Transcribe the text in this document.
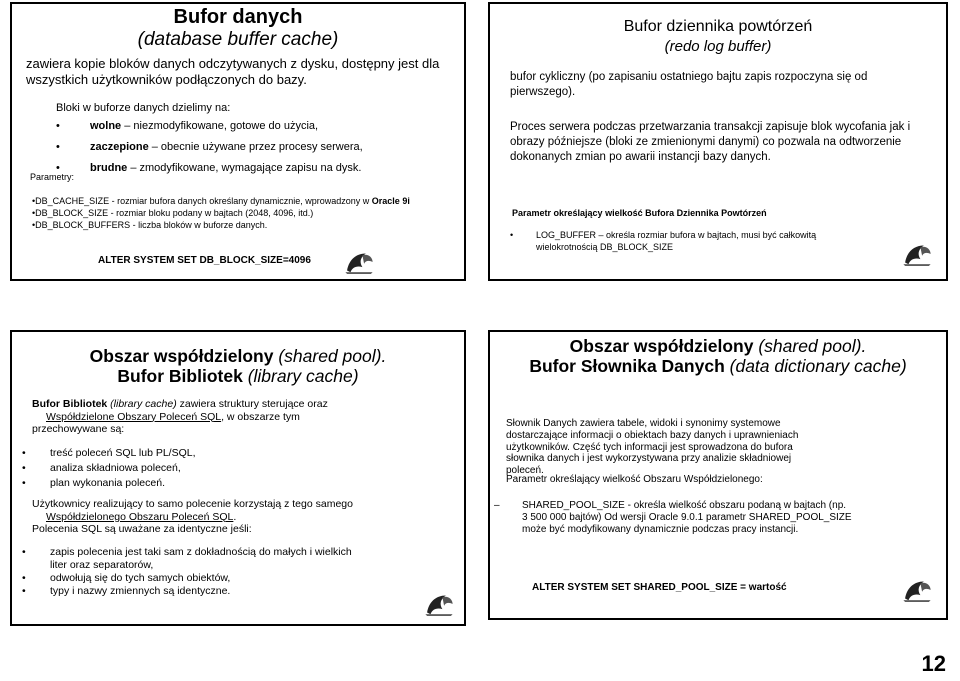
Bufor danych
(database buffer cache)
zawiera kopie bloków danych odczytywanych z dysku, dostępny jest dla wszystkich użytkowników podłączonych do bazy.
Bloki w buforze danych dzielimy na:
•	wolne – niezmodyfikowane, gotowe do użycia,
•	zaczepione – obecnie używane przez procesy serwera,
•	brudne – zmodyfikowane, wymagające zapisu na dysk.
Parametry:
•DB_CACHE_SIZE - rozmiar bufora danych określany dynamicznie, wprowadzony w Oracle 9i
•DB_BLOCK_SIZE - rozmiar bloku podany w bajtach (2048, 4096, itd.)
•DB_BLOCK_BUFFERS - liczba bloków w buforze danych.
ALTER SYSTEM SET DB_BLOCK_SIZE=4096
Bufor dziennika powtórzeń
(redo log buffer)
bufor cykliczny (po zapisaniu ostatniego bajtu zapis rozpoczyna się od pierwszego).
Proces serwera podczas przetwarzania transakcji zapisuje blok wycofania jak i obrazy późniejsze (bloki ze zmienionymi danymi) co pozwala na odtworzenie dokonanych zmian po awarii instancji bazy danych.
Parametr określający wielkość Bufora Dziennika Powtórzeń
•	LOG_BUFFER – określa rozmiar bufora w bajtach, musi być całkowitą wielokrotnością DB_BLOCK_SIZE
Obszar współdzielony (shared pool).
Bufor Bibliotek (library cache)
Bufor Bibliotek (library cache) zawiera struktury sterujące oraz
Współdzielone Obszary Poleceń SQL, w obszarze tym przechowywane są:
• treść poleceń SQL lub PL/SQL,
• analiza składniowa poleceń,
• plan wykonania poleceń.
Użytkownicy realizujący to samo polecenie korzystają z tego samego
Współdzielonego Obszaru Poleceń SQL.
Polecenia SQL są uważane za identyczne jeśli:
• zapis polecenia jest taki sam z dokładnością do małych i wielkich liter oraz separatorów,
• odwołują się do tych samych obiektów,
• typy i nazwy zmiennych są identyczne.
Obszar współdzielony (shared pool).
Bufor Słownika Danych (data dictionary cache)
Słownik Danych zawiera tabele, widoki i synonimy systemowe dostarczające informacji o obiektach bazy danych i uprawnieniach użytkowników. Część tych informacji jest sprowadzona do bufora słownika danych i jest wykorzystywana przy analizie składniowej poleceń.
Parametr określający wielkość Obszaru Współdzielonego:
– SHARED_POOL_SIZE - określa wielkość obszaru podaną w bajtach (np. 3 500 000 bajtów) Od wersji Oracle 9.0.1 parametr SHARED_POOL_SIZE może być modyfikowany dynamicznie podczas pracy instancji.
ALTER SYSTEM SET SHARED_POOL_SIZE = wartość
12
